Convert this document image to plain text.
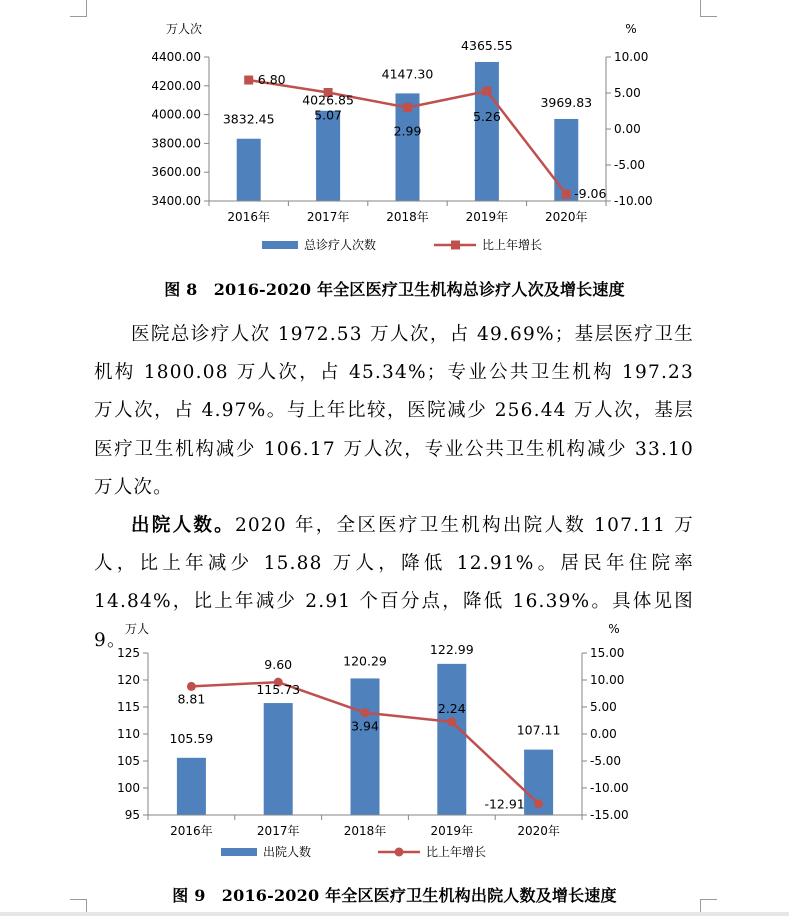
3400.00
3600.00
3800.00
4000.00
4200.00
4400.00
-10.00
-5.00
0.00
5.00
10.00
2016年	2017年	2018年	2019年	2020年
万人次	%
3832.45
4026.85
4147.30
4365.55
3969.83
6.80
5.07
2.99
5.26
-9.06
总诊疗人次数	比上年增长
图 8　2016-2020 年全区医疗卫生机构总诊疗人次及增长速度

医院总诊疗人次 1972.53 万人次，占 49.69%；基层医疗卫生机构 1800.08 万人次，占 45.34%；专业公共卫生机构 197.23 万人次，占 4.97%。与上年比较，医院减少 256.44 万人次，基层医疗卫生机构减少 106.17 万人次，专业公共卫生机构减少 33.10 万人次。

出院人数。2020 年，全区医疗卫生机构出院人数 107.11 万人，比上年减少 15.88 万人，降低 12.91%。居民年住院率 14.84%，比上年减少 2.91 个百分点，降低 16.39%。具体见图 9。

95
100
105
110
115
120
125
-15.00
-10.00
-5.00
0.00
5.00
10.00
15.00
2016年	2017年	2018年	2019年	2020年
万人	%
105.59
115.73
120.29
122.99
107.11
8.81
9.60
3.94
2.24
-12.91
出院人数	比上年增长
图 9　2016-2020 年全区医疗卫生机构出院人数及增长速度
